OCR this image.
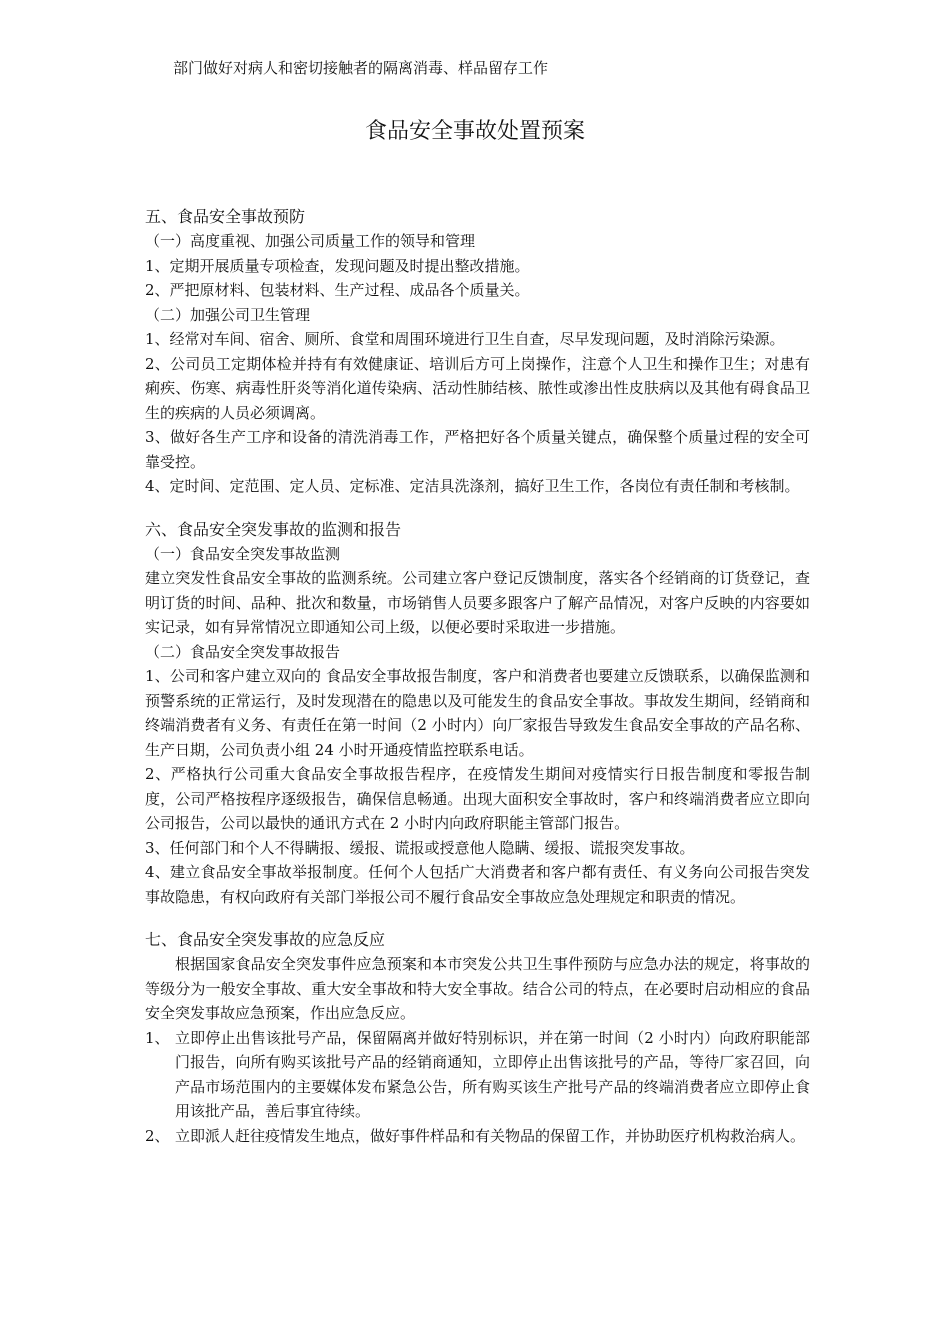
部门做好对病人和密切接触者的隔离消毒、样品留存工作
食品安全事故处置预案
五、食品安全事故预防

（一）高度重视、加强公司质量工作的领导和管理

1、定期开展质量专项检查，发现问题及时提出整改措施。

2、严把原材料、包装材料、生产过程、成品各个质量关。

（二）加强公司卫生管理

1、经常对车间、宿舍、厕所、食堂和周围环境进行卫生自查，尽早发现问题，及时消除污染源。

2、公司员工定期体检并持有有效健康证、培训后方可上岗操作，注意个人卫生和操作卫生；对患有痢疾、伤寒、病毒性肝炎等消化道传染病、活动性肺结核、脓性或渗出性皮肤病以及其他有碍食品卫生的疾病的人员必须调离。

3、做好各生产工序和设备的清洗消毒工作，严格把好各个质量关键点，确保整个质量过程的安全可靠受控。

4、定时间、定范围、定人员、定标准、定洁具洗涤剂，搞好卫生工作，各岗位有责任制和考核制。

六、食品安全突发事故的监测和报告

（一）食品安全突发事故监测

建立突发性食品安全事故的监测系统。公司建立客户登记反馈制度，落实各个经销商的订货登记，查明订货的时间、品种、批次和数量，市场销售人员要多跟客户了解产品情况，对客户反映的内容要如实记录，如有异常情况立即通知公司上级，以便必要时采取进一步措施。

（二）食品安全突发事故报告

1、公司和客户建立双向的 食品安全事故报告制度，客户和消费者也要建立反馈联系，以确保监测和预警系统的正常运行，及时发现潜在的隐患以及可能发生的食品安全事故。事故发生期间，经销商和终端消费者有义务、有责任在第一时间（2 小时内）向厂家报告导致发生食品安全事故的产品名称、生产日期，公司负责小组 24 小时开通疫情监控联系电话。

2、严格执行公司重大食品安全事故报告程序，在疫情发生期间对疫情实行日报告制度和零报告制度，公司严格按程序逐级报告，确保信息畅通。出现大面积安全事故时，客户和终端消费者应立即向公司报告，公司以最快的通讯方式在 2 小时内向政府职能主管部门报告。

3、任何部门和个人不得瞒报、缓报、谎报或授意他人隐瞒、缓报、谎报突发事故。

4、建立食品安全事故举报制度。任何个人包括广大消费者和客户都有责任、有义务向公司报告突发事故隐患，有权向政府有关部门举报公司不履行食品安全事故应急处理规定和职责的情况。

七、食品安全突发事故的应急反应

根据国家食品安全突发事件应急预案和本市突发公共卫生事件预防与应急办法的规定，将事故的等级分为一般安全事故、重大安全事故和特大安全事故。结合公司的特点，在必要时启动相应的食品安全突发事故应急预案，作出应急反应。

1、 立即停止出售该批号产品，保留隔离并做好特别标识，并在第一时间（2 小时内）向政府职能部门报告，向所有购买该批号产品的经销商通知，立即停止出售该批号的产品，等待厂家召回，向产品市场范围内的主要媒体发布紧急公告，所有购买该生产批号产品的终端消费者应立即停止食用该批产品，善后事宜待续。
2、 立即派人赶往疫情发生地点，做好事件样品和有关物品的保留工作，并协助医疗机构救治病人。
